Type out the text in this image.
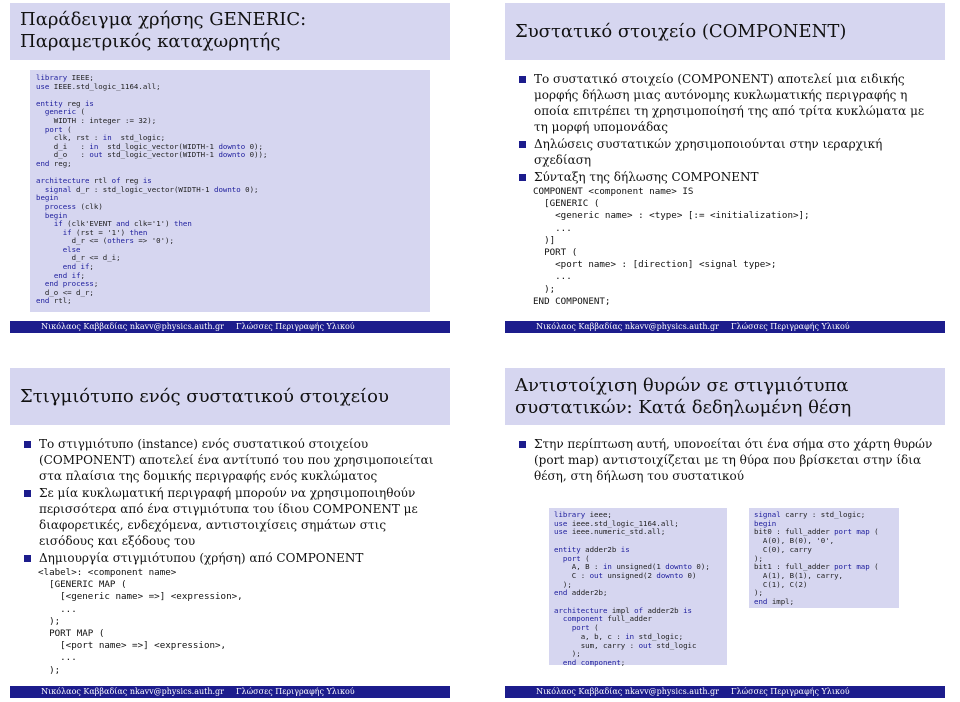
Παράδειγμα χρήσης GENERIC: Παραμετρικός καταχωρητής
library IEEE;
use IEEE.std_logic_1164.all;

entity reg is
generic (
WIDTH : integer := 32);
port (
clk, rst : in  std_logic;
d_i   : in  std_logic_vector(WIDTH-1 downto 0);
d_o   : out std_logic_vector(WIDTH-1 downto 0));
end reg;

architecture rtl of reg is
signal d_r : std_logic_vector(WIDTH-1 downto 0);
begin
process (clk)
begin
if (clk'EVENT and clk='1') then
if (rst = '1') then
d_r <= (others => '0');
else
d_r <= d_i;
end if;
end if;
end process;
d_o <= d_r;
end rtl;
Νικόλαος Καββαδίας nkavv@physics.auth.gr	Γλώσσες Περιγραφής Υλικού
Συστατικό στοιχείο (COMPONENT)
Το συστατικό στοιχείο (COMPONENT) αποτελεί μια ειδικής μορφής δήλωση μιας αυτόνομης κυκλωματικής περιγραφής η οποία επιτρέπει τη χρησιμοποίησή της από τρίτα κυκλώματα με τη μορφή υπομονάδας
Δηλώσεις συστατικών χρησιμοποιούνται στην ιεραρχική σχεδίαση
Σύνταξη της δήλωσης COMPONENT
COMPONENT <component name> IS
[GENERIC (
<generic name> : <type> [:= <initialization>];
...
)]
PORT (
<port name> : [direction] <signal type>;
...
);
END COMPONENT;
Νικόλαος Καββαδίας nkavv@physics.auth.gr	Γλώσσες Περιγραφής Υλικού
Στιγμιότυπο ενός συστατικού στοιχείου
Το στιγμιότυπο (instance) ενός συστατικού στοιχείου (COMPONENT) αποτελεί ένα αντίτυπό του που χρησιμοποιείται στα πλαίσια της δομικής περιγραφής ενός κυκλώματος
Σε μία κυκλωματική περιγραφή μπορούν να χρησιμοποιηθούν περισσότερα από ένα στιγμιότυπα του ίδιου COMPONENT με διαφορετικές, ενδεχόμενα, αντιστοιχίσεις σημάτων στις εισόδους και εξόδους του
Δημιουργία στιγμιότυπου (χρήση) από COMPONENT
<label>: <component name>
[GENERIC MAP (
[<generic name> =>] <expression>,
...
);
PORT MAP (
[<port name> =>] <expression>,
...
);
Νικόλαος Καββαδίας nkavv@physics.auth.gr	Γλώσσες Περιγραφής Υλικού
Αντιστοίχιση θυρών σε στιγμιότυπα συστατικών: Κατά δεδηλωμένη θέση
Στην περίπτωση αυτή, υπονοείται ότι ένα σήμα στο χάρτη θυρών (port map) αντιστοιχίζεται με τη θύρα που βρίσκεται στην ίδια θέση, στη δήλωση του συστατικού
library ieee;
use ieee.std_logic_1164.all;
use ieee.numeric_std.all;

entity adder2b is
port (
A, B : in unsigned(1 downto 0);
C : out unsigned(2 downto 0)
);
end adder2b;

architecture impl of adder2b is
component full_adder
port (
a, b, c : in std_logic;
sum, carry : out std_logic
);
end component;
signal carry : std_logic;
begin
bit0 : full_adder port map (
A(0), B(0), '0',
C(0), carry
);
bit1 : full_adder port map (
A(1), B(1), carry,
C(1), C(2)
);
end impl;
Νικόλαος Καββαδίας nkavv@physics.auth.gr	Γλώσσες Περιγραφής Υλικού
